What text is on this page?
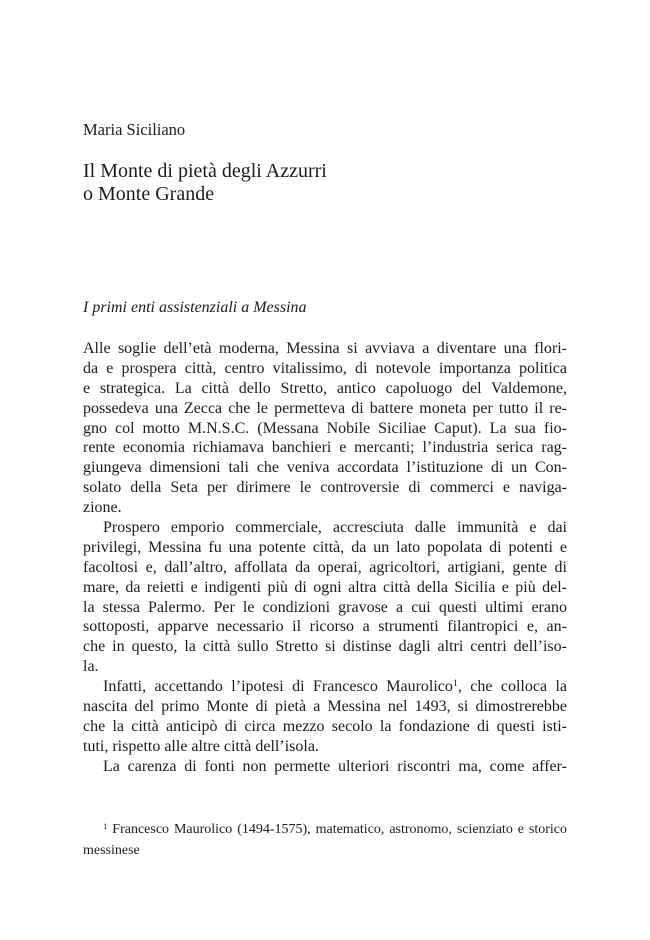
Maria Siciliano
Il Monte di pietà degli Azzurri
o Monte Grande
I primi enti assistenziali a Messina
Alle soglie dell’età moderna, Messina si avviava a diventare una flori-
da e prospera città, centro vitalissimo, di notevole importanza politica
e strategica. La città dello Stretto, antico capoluogo del Valdemone,
possedeva una Zecca che le permetteva di battere moneta per tutto il re-
gno col motto M.N.S.C. (Messana Nobile Siciliae Caput). La sua fio-
rente economia richiamava banchieri e mercanti; l’industria serica rag-
giungeva dimensioni tali che veniva accordata l’istituzione di un Con-
solato della Seta per dirimere le controversie di commerci e naviga-
zione.
Prospero emporio commerciale, accresciuta dalle immunità e dai
privilegi, Messina fu una potente città, da un lato popolata di potenti e
facoltosi e, dall’altro, affollata da operai, agricoltori, artigiani, gente di
mare, da reietti e indigenti più di ogni altra città della Sicilia e più del-
la stessa Palermo. Per le condizioni gravose a cui questi ultimi erano
sottoposti, apparve necessario il ricorso a strumenti filantropici e, an-
che in questo, la città sullo Stretto si distinse dagli altri centri dell’iso-
la.
Infatti, accettando l’ipotesi di Francesco Maurolico$^1$, che colloca la
nascita del primo Monte di pietà a Messina nel 1493, si dimostrerebbe
che la città anticipò di circa mezzo secolo la fondazione di questi isti-
tuti, rispetto alle altre città dell’isola.
La carenza di fonti non permette ulteriori riscontri ma, come affer-
$^1$ Francesco Maurolico (1494-1575), matematico, astronomo, scienziato e storico
messinese
